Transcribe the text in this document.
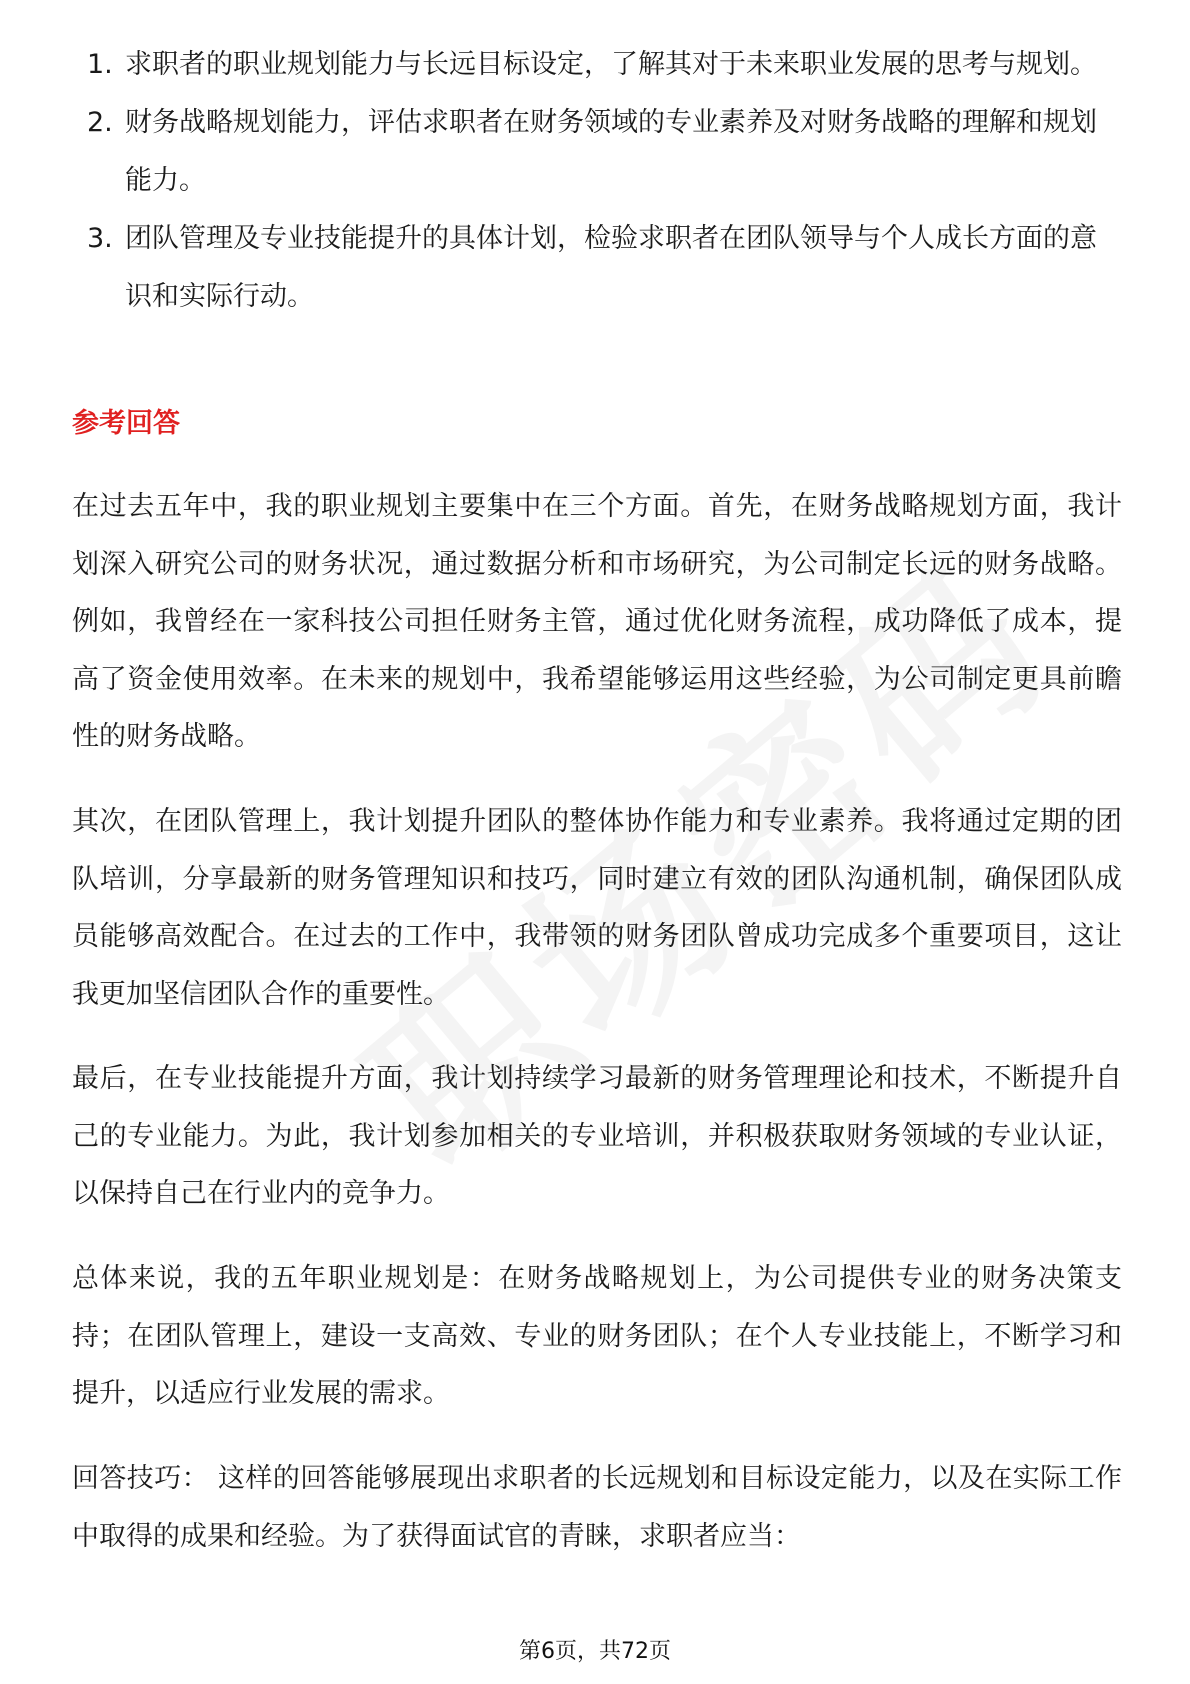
1. 求职者的职业规划能力与长远目标设定，了解其对于未来职业发展的思考与规划。
2. 财务战略规划能力，评估求职者在财务领域的专业素养及对财务战略的理解和规划能力。
3. 团队管理及专业技能提升的具体计划，检验求职者在团队领导与个人成长方面的意识和实际行动。
参考回答

在过去五年中，我的职业规划主要集中在三个方面。首先，在财务战略规划方面，我计划深入研究公司的财务状况，通过数据分析和市场研究，为公司制定长远的财务战略。例如，我曾经在一家科技公司担任财务主管，通过优化财务流程，成功降低了成本，提高了资金使用效率。在未来的规划中，我希望能够运用这些经验，为公司制定更具前瞻性的财务战略。

其次，在团队管理上，我计划提升团队的整体协作能力和专业素养。我将通过定期的团队培训，分享最新的财务管理知识和技巧，同时建立有效的团队沟通机制，确保团队成员能够高效配合。在过去的工作中，我带领的财务团队曾成功完成多个重要项目，这让我更加坚信团队合作的重要性。

最后，在专业技能提升方面，我计划持续学习最新的财务管理理论和技术，不断提升自己的专业能力。为此，我计划参加相关的专业培训，并积极获取财务领域的专业认证，以保持自己在行业内的竞争力。

总体来说，我的五年职业规划是：在财务战略规划上，为公司提供专业的财务决策支持；在团队管理上，建设一支高效、专业的财务团队；在个人专业技能上，不断学习和提升，以适应行业发展的需求。

回答技巧： 这样的回答能够展现出求职者的长远规划和目标设定能力，以及在实际工作中取得的成果和经验。为了获得面试官的青睐，求职者应当：

第6页，共72页
